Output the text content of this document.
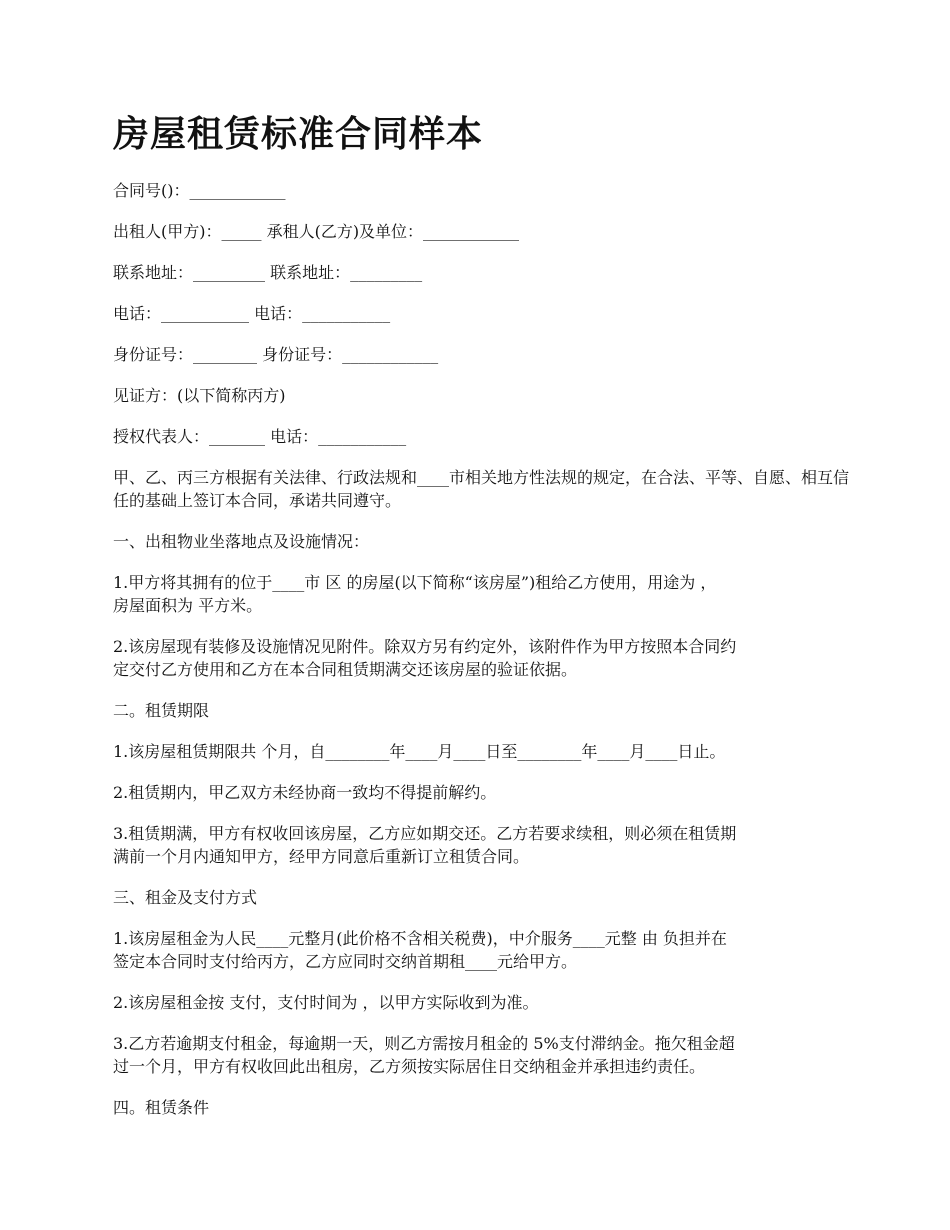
房屋租赁标准合同样本

合同号()：____________

出租人(甲方)：_____ 承租人(乙方)及单位：____________

联系地址：_________ 联系地址：_________

电话：___________ 电话：___________

身份证号：________ 身份证号：____________

见证方：(以下简称丙方)

授权代表人：_______ 电话：___________

甲、乙、丙三方根据有关法律、行政法规和____市相关地方性法规的规定，在合法、平等、自愿、相互信任的基础上签订本合同，承诺共同遵守。

一、出租物业坐落地点及设施情况：

1.甲方将其拥有的位于____市 区 的房屋(以下简称“该房屋”)租给乙方使用，用途为 ，
房屋面积为 平方米。

2.该房屋现有装修及设施情况见附件。除双方另有约定外，该附件作为甲方按照本合同约
定交付乙方使用和乙方在本合同租赁期满交还该房屋的验证依据。

二。租赁期限

1.该房屋租赁期限共 个月，自________年____月____日至________年____月____日止。

2.租赁期内，甲乙双方未经协商一致均不得提前解约。

3.租赁期满，甲方有权收回该房屋，乙方应如期交还。乙方若要求续租，则必须在租赁期
满前一个月内通知甲方，经甲方同意后重新订立租赁合同。

三、租金及支付方式

1.该房屋租金为人民____元整月(此价格不含相关税费)，中介服务____元整 由 负担并在
签定本合同时支付给丙方，乙方应同时交纳首期租____元给甲方。

2.该房屋租金按 支付，支付时间为 ，以甲方实际收到为准。

3.乙方若逾期支付租金，每逾期一天，则乙方需按月租金的 5%支付滞纳金。拖欠租金超
过一个月，甲方有权收回此出租房，乙方须按实际居住日交纳租金并承担违约责任。

四。租赁条件
